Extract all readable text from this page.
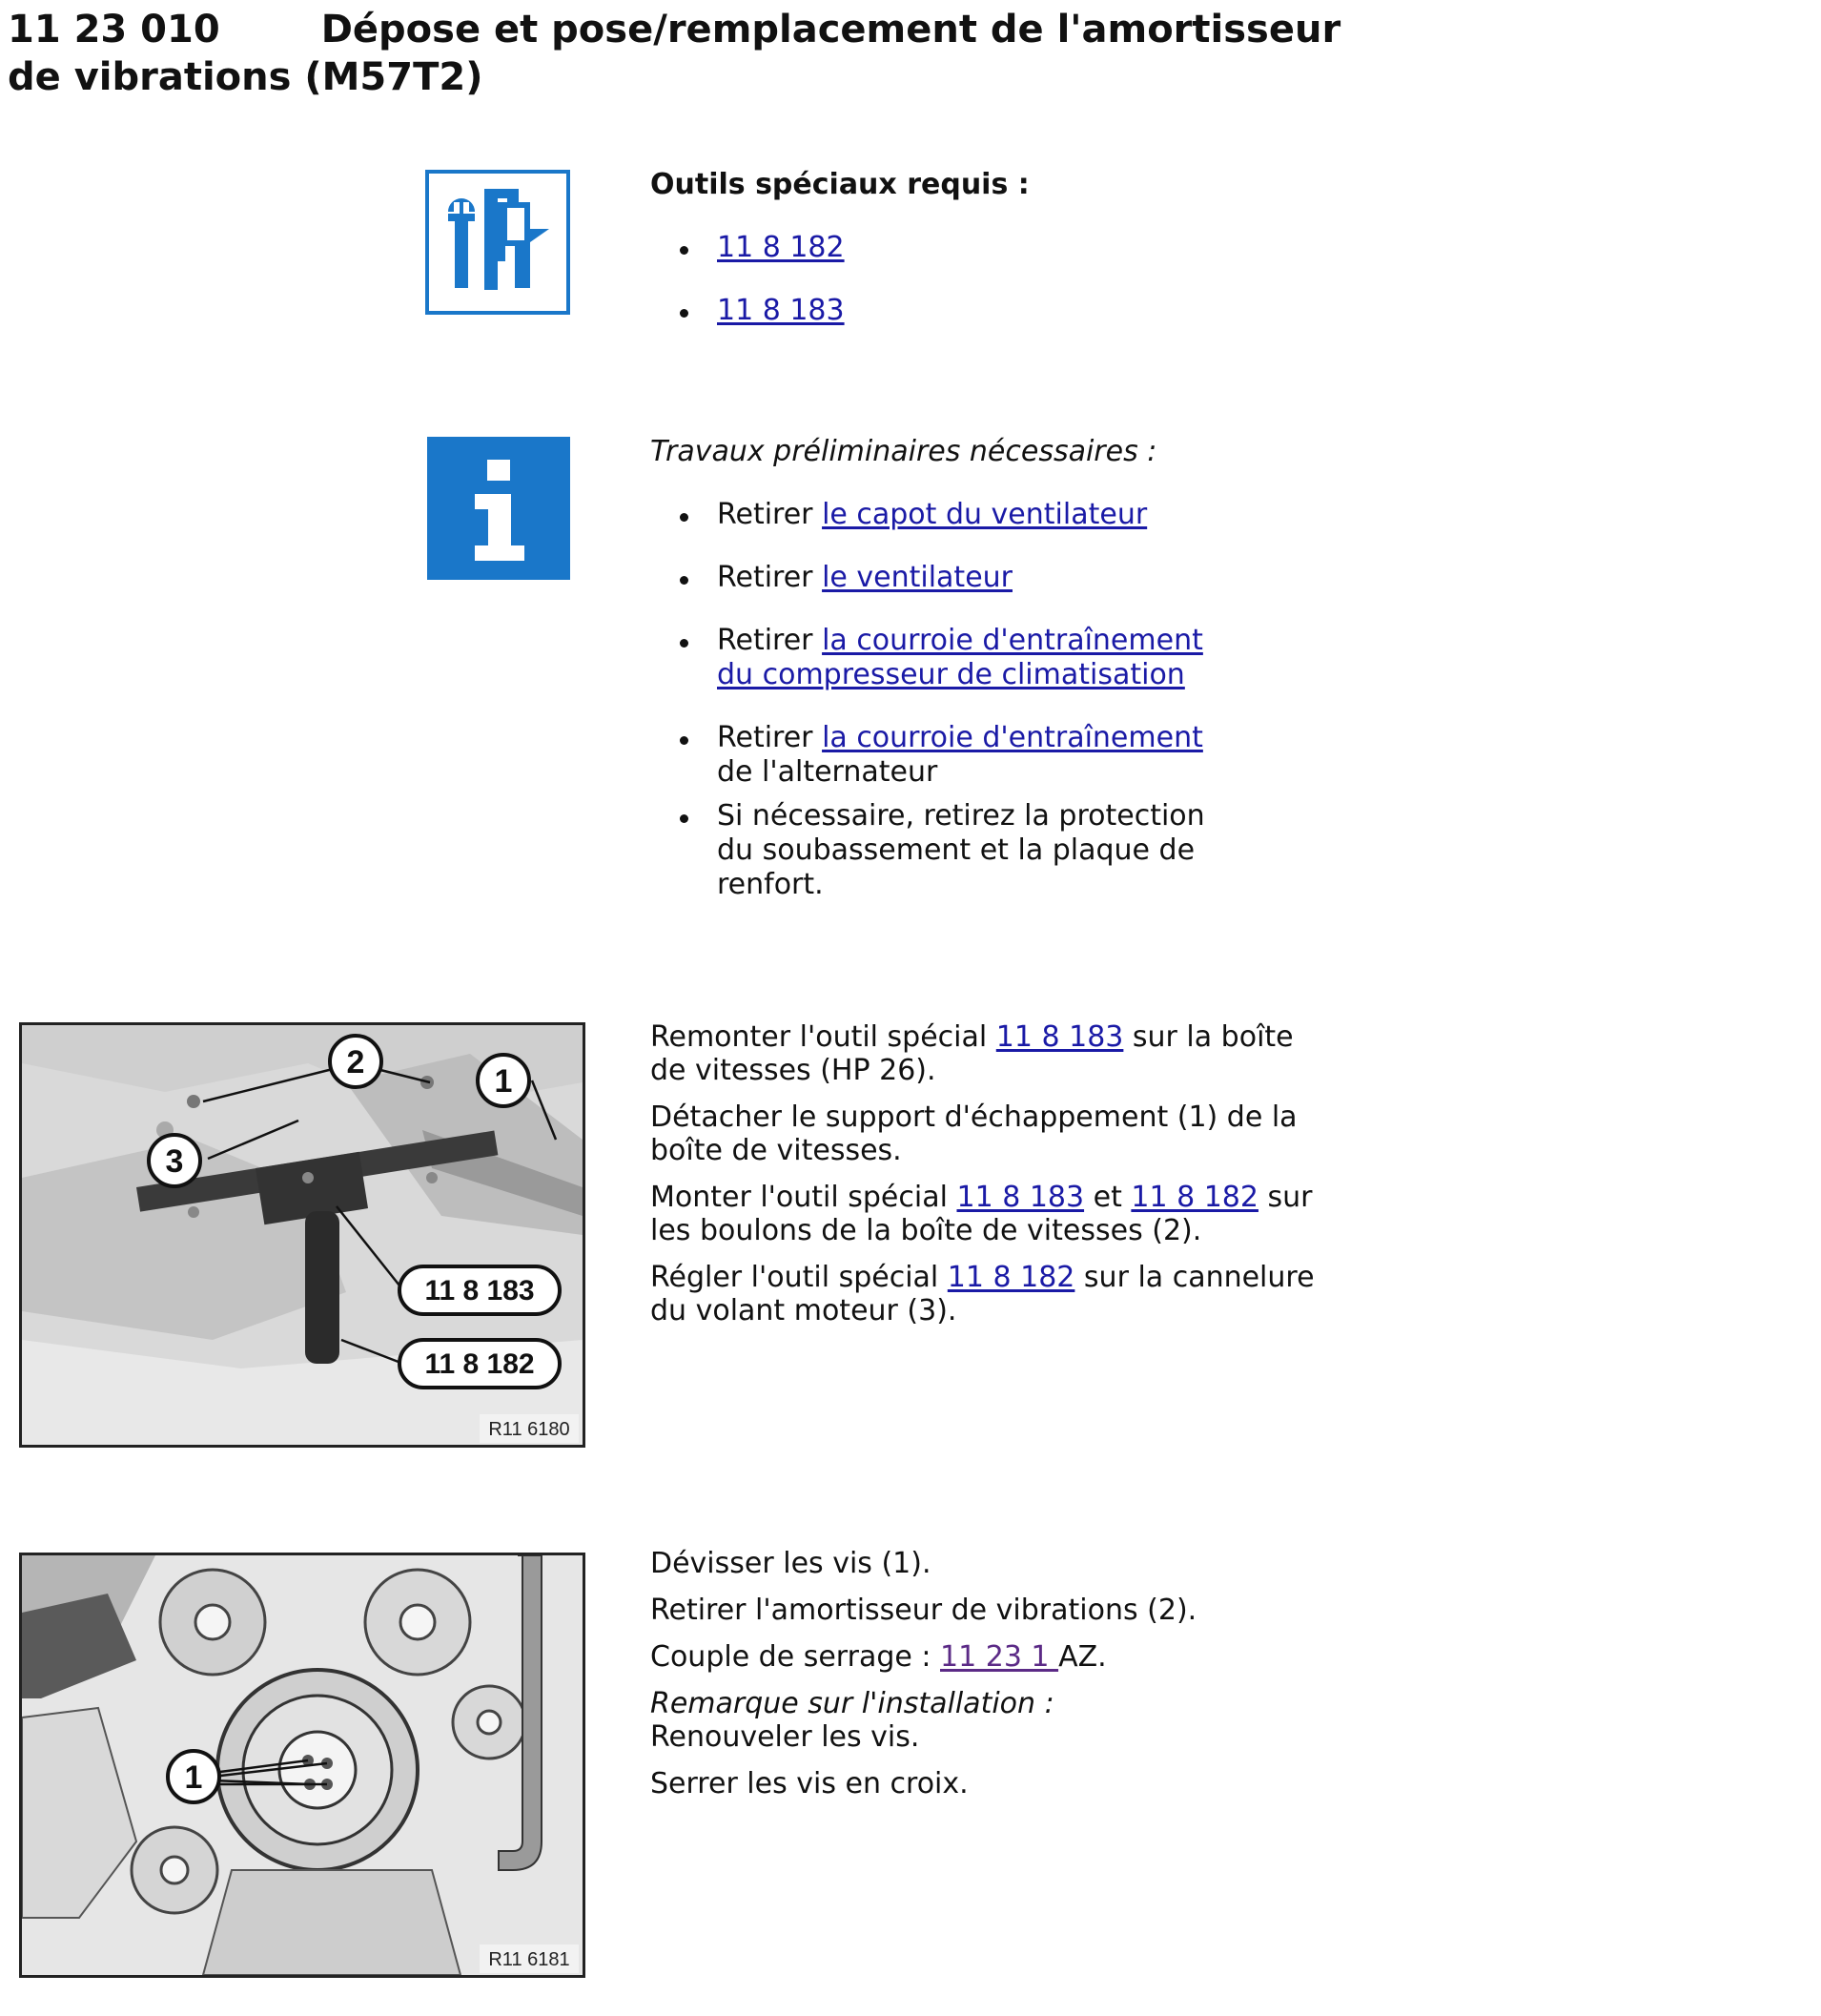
11 23 010	Dépose et pose/remplacement de l'amortisseur de vibrations (M57T2)

Outils spéciaux requis :

11 8 182
11 8 183

Travaux préliminaires nécessaires :

Retirer le capot du ventilateur
Retirer le ventilateur
Retirer la courroie d'entraînement du compresseur de climatisation
Retirer la courroie d'entraînement de l'alternateur
Si nécessaire, retirez la protection du soubassement et la plaque de renfort.
1
2
3
11 8 183
11 8 182
R11 6180

Remonter l'outil spécial 11 8 183 sur la boîte de vitesses (HP 26).

Détacher le support d'échappement (1) de la boîte de vitesses.

Monter l'outil spécial 11 8 183 et 11 8 182 sur les boulons de la boîte de vitesses (2).

Régler l'outil spécial 11 8 182 sur la cannelure du volant moteur (3).

1
R11 6181

Dévisser les vis (1).

Retirer l'amortisseur de vibrations (2).

Couple de serrage : 11 23 1 AZ.

Remarque sur l'installation :

Renouveler les vis.

Serrer les vis en croix.
